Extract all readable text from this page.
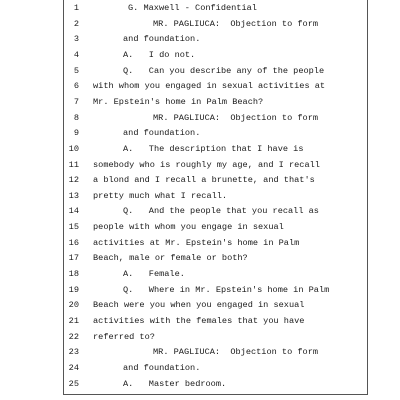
1	G. Maxwell - Confidential
2	MR. PAGLIUCA:  Objection to form
3	and foundation.
4	A.   I do not.
5	Q.   Can you describe any of the people
6 with whom you engaged in sexual activities at
7 Mr. Epstein's home in Palm Beach?
8	MR. PAGLIUCA:  Objection to form
9	and foundation.
10	A.   The description that I have is
11 somebody who is roughly my age, and I recall
12 a blond and I recall a brunette, and that's
13 pretty much what I recall.
14	Q.   And the people that you recall as
15 people with whom you engage in sexual
16 activities at Mr. Epstein's home in Palm
17 Beach, male or female or both?
18	A.   Female.
19	Q.   Where in Mr. Epstein's home in Palm
20 Beach were you when you engaged in sexual
21 activities with the females that you have
22 referred to?
23	MR. PAGLIUCA:  Objection to form
24	and foundation.
25	A.   Master bedroom.
